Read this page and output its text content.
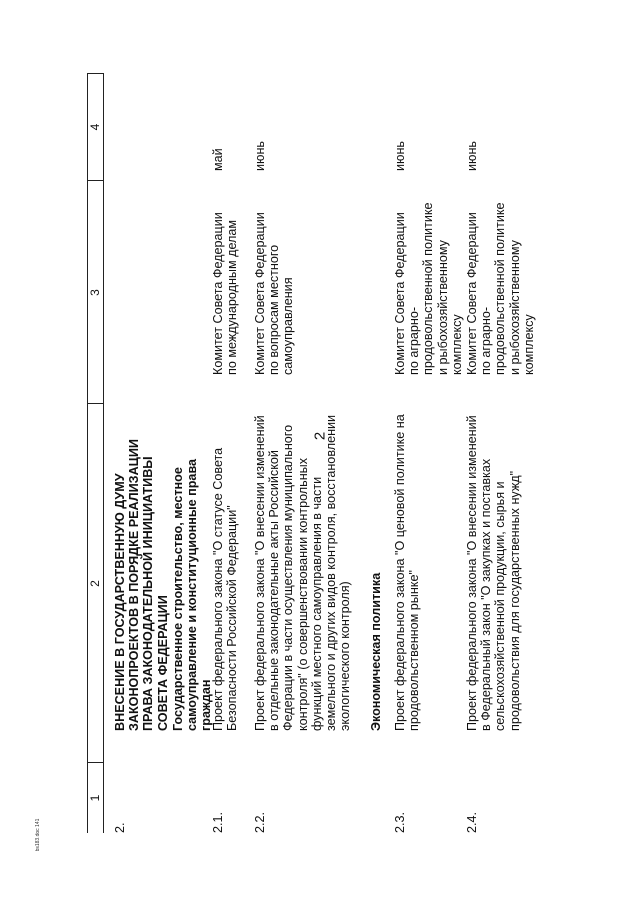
2
bs183.doc 141
1
2
3
4
2.
ВНЕСЕНИЕ В ГОСУДАРСТВЕННУЮ ДУМУ ЗАКОНОПРОЕКТОВ В ПОРЯДКЕ РЕАЛИЗАЦИИ ПРАВА ЗАКОНОДАТЕЛЬНОЙ ИНИЦИАТИВЫ СОВЕТА ФЕДЕРАЦИИ Государственное строительство, местное самоуправление и конституционные права граждан
2.1.
Проект федерального закона "О статусе Совета Безопасности Российской Федерации"
Комитет Совета Федерации по международным делам
май
2.2.
Проект федерального закона "О внесении изменений в отдельные законодательные акты Российской Федерации в части осуществления муниципального контроля" (о совершенствовании контрольных функций местного самоуправления в части земельного и других видов контроля, восстановлении экологического контроля)
Комитет Совета Федерации по вопросам местного самоуправления
июнь
Экономическая политика
2.3.
Проект федерального закона "О ценовой политике на продовольственном рынке"
Комитет Совета Федерации по аграрно-продовольственной политике и рыбохозяйственному комплексу
июнь
2.4.
Проект федерального закона "О внесении изменений в Федеральный закон "О закупках и поставках сельскохозяйственной продукции, сырья и продовольствия для государственных нужд"
Комитет Совета Федерации по аграрно-продовольственной политике и рыбохозяйственному комплексу
июнь
